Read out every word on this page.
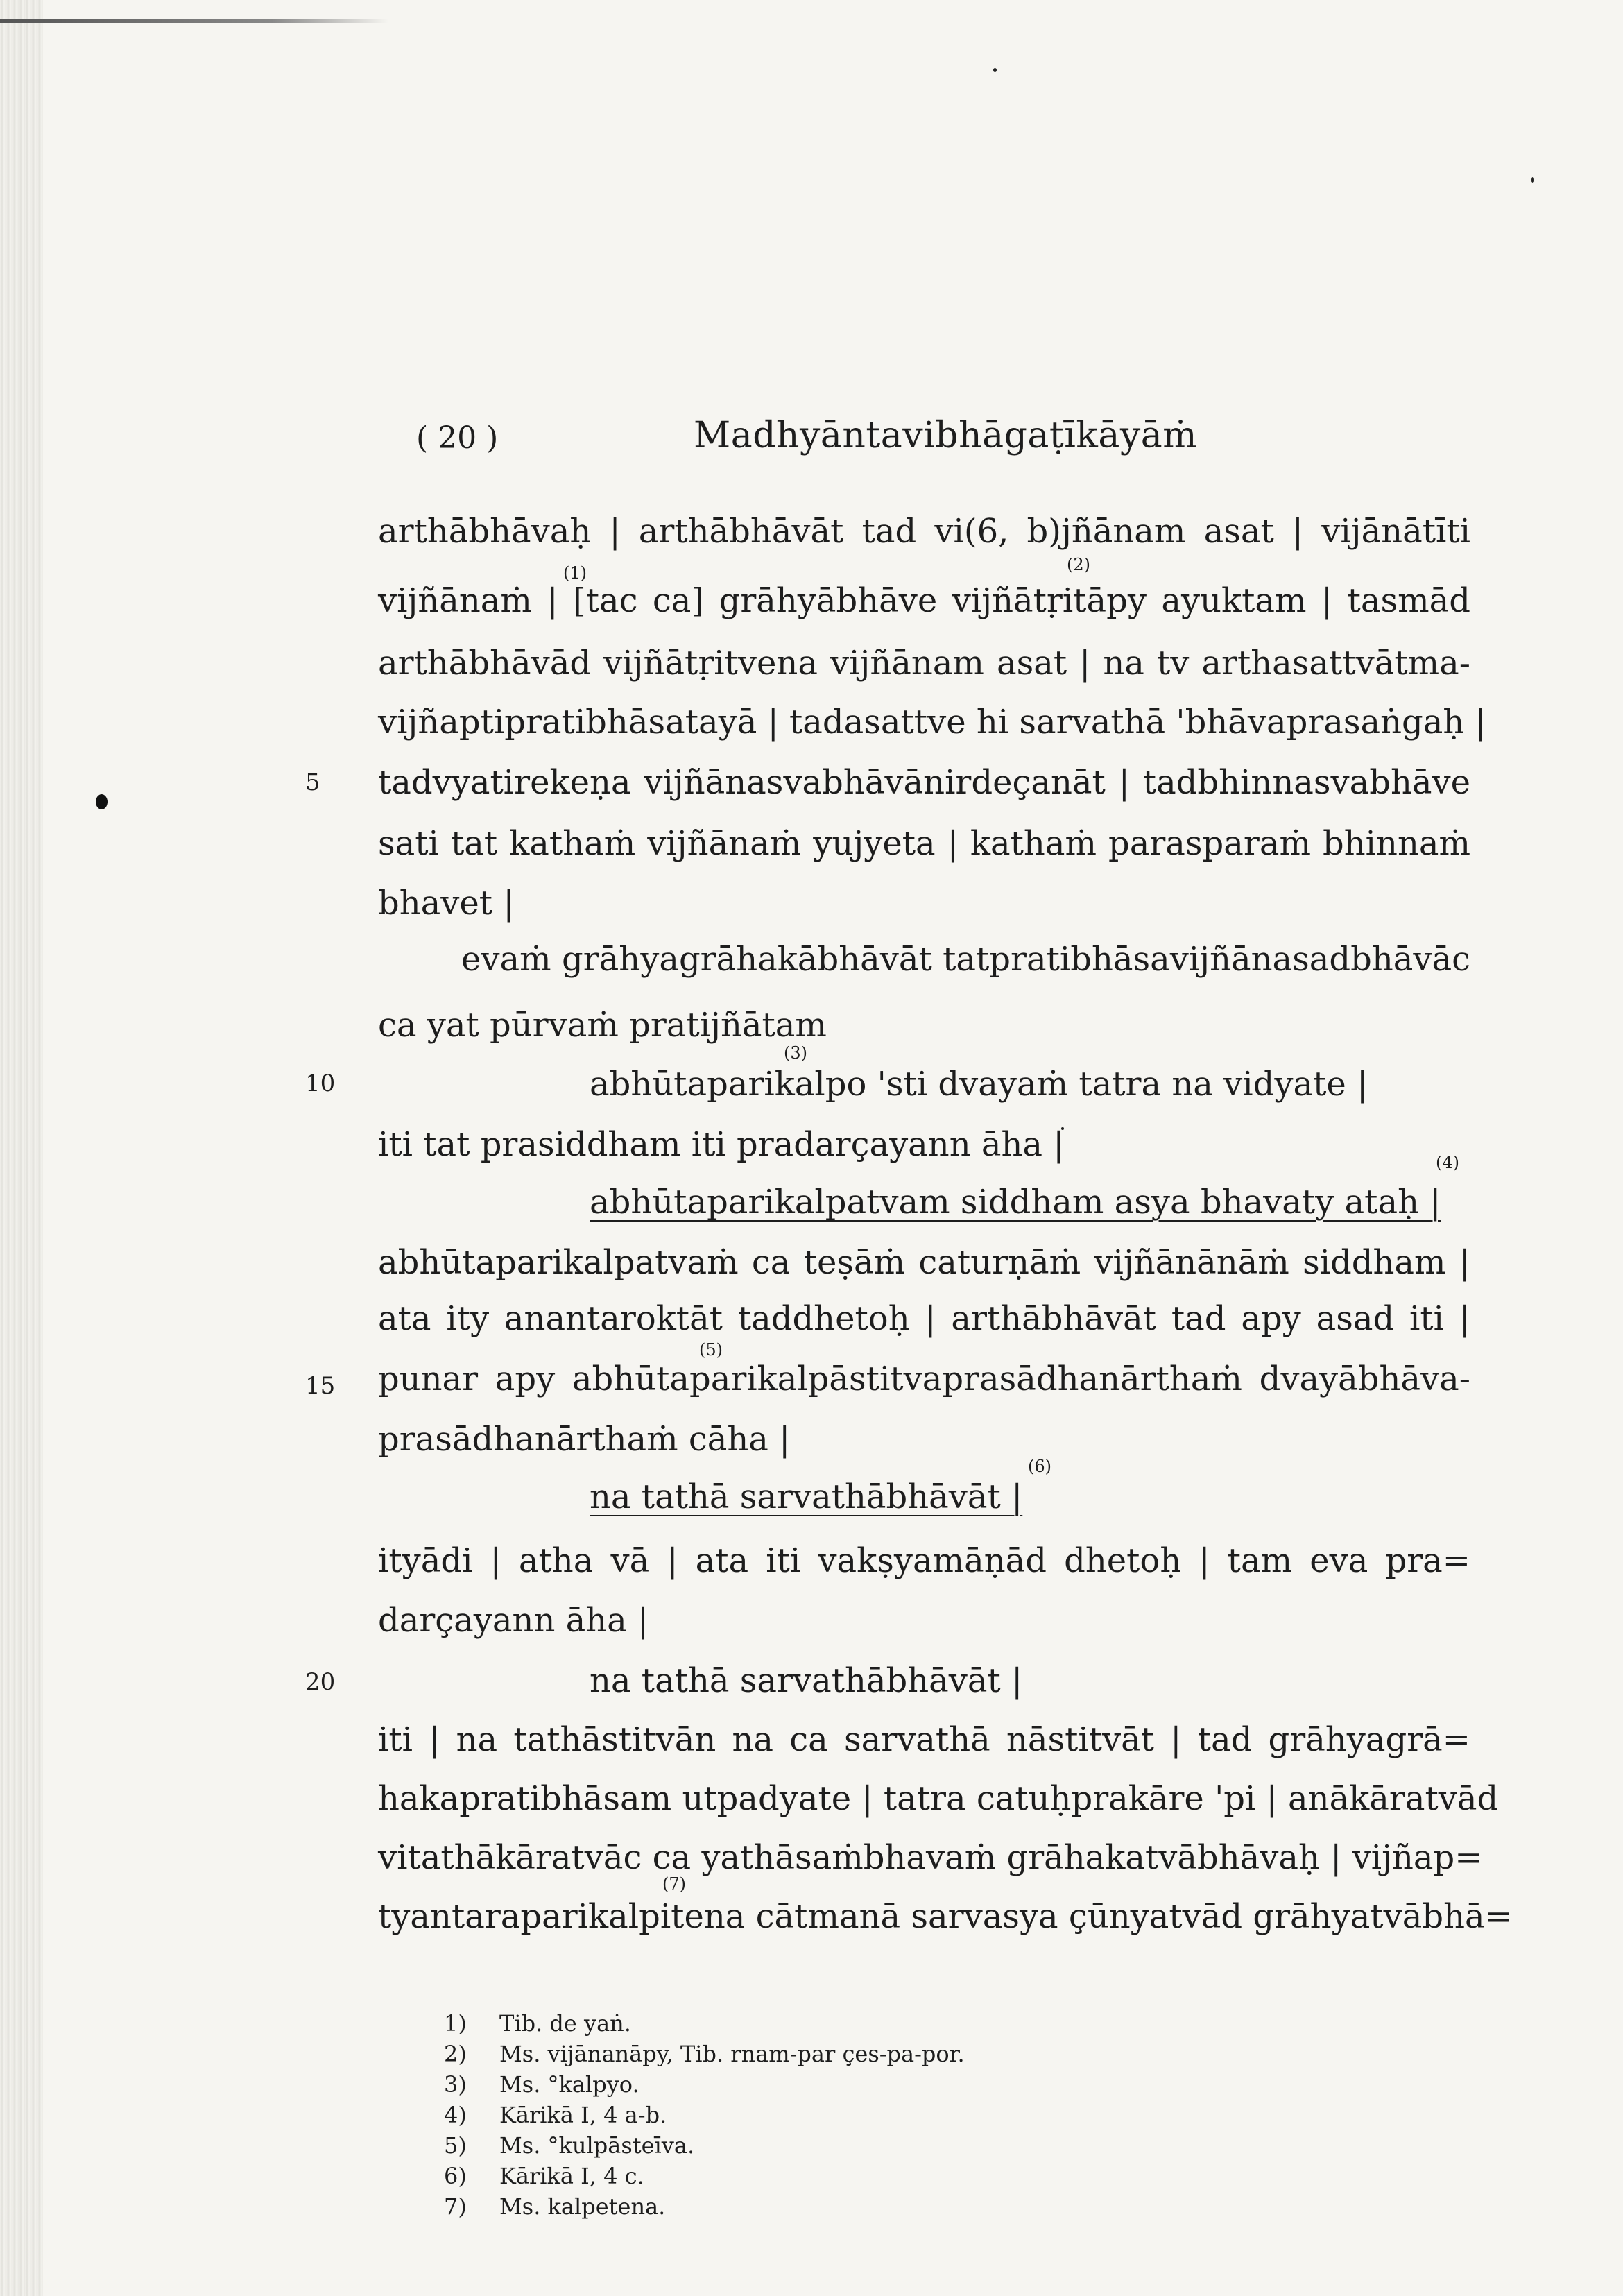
( 20 )	Madhyāntavibhāgaṭīkāyāṁ
arthābhāvaḥ | arthābhāvāt tad vi(6, b)jñānam asat | vijānātīti
vijñānaṁ | [tac ca] grāhyābhāve vijñātṛitāpy ayuktam | tasmād
arthābhāvād vijñātṛitvena vijñānam asat | na tv arthasattvātma-
vijñaptipratibhāsatayā | tadasattve hi sarvathā 'bhāvaprasaṅgaḥ |
tadvyatirekeṇa vijñānasvabhāvānirdeçanāt | tadbhinnasvabhāve
sati tat kathaṁ vijñānaṁ yujyeta | kathaṁ parasparaṁ bhinnaṁ
bhavet |
evaṁ grāhyagrāhakābhāvāt tatpratibhāsavijñānasadbhāvāc
ca yat pūrvaṁ pratijñātam
abhūtaparikalpo 'sti dvayaṁ tatra na vidyate |
iti tat prasiddham iti pradarçayann āha |
abhūtaparikalpatvam siddham asya bhavaty ataḥ |
abhūtaparikalpatvaṁ ca teṣāṁ caturṇāṁ vijñānānāṁ siddham |
ata ity anantaroktāt taddhetoḥ | arthābhāvāt tad apy asad iti |
punar apy abhūtaparikalpāstitvaprasādhanārthaṁ dvayābhāva-
prasādhanārthaṁ cāha |
na tathā sarvathābhāvāt |
ityādi | atha vā | ata iti vakṣyamāṇād dhetoḥ | tam eva pra=
darçayann āha |
na tathā sarvathābhāvāt |
iti | na tathāstitvān na ca sarvathā nāstitvāt | tad grāhyagrā=
hakapratibhāsam utpadyate | tatra catuḥprakāre 'pi | anākāratvād
vitathākāratvāc ca yathāsaṁbhavaṁ grāhakatvābhāvaḥ | vijñap=
tyantaraparikalpitena cātmanā sarvasya çūnyatvād grāhyatvābhā=
5
10
15
20
(1)	(2)
(3)
(4)
(5)
(6)
(7)
1) Tib. de yaṅ.
2) Ms. vijānanāpy, Tib. rnam-par çes-pa-por.
3) Ms. °kalpyo.
4) Kārikā I, 4 a-b.
5) Ms. °kulpāsteīva.
6) Kārikā I, 4 c.
7) Ms. kalpetena.
